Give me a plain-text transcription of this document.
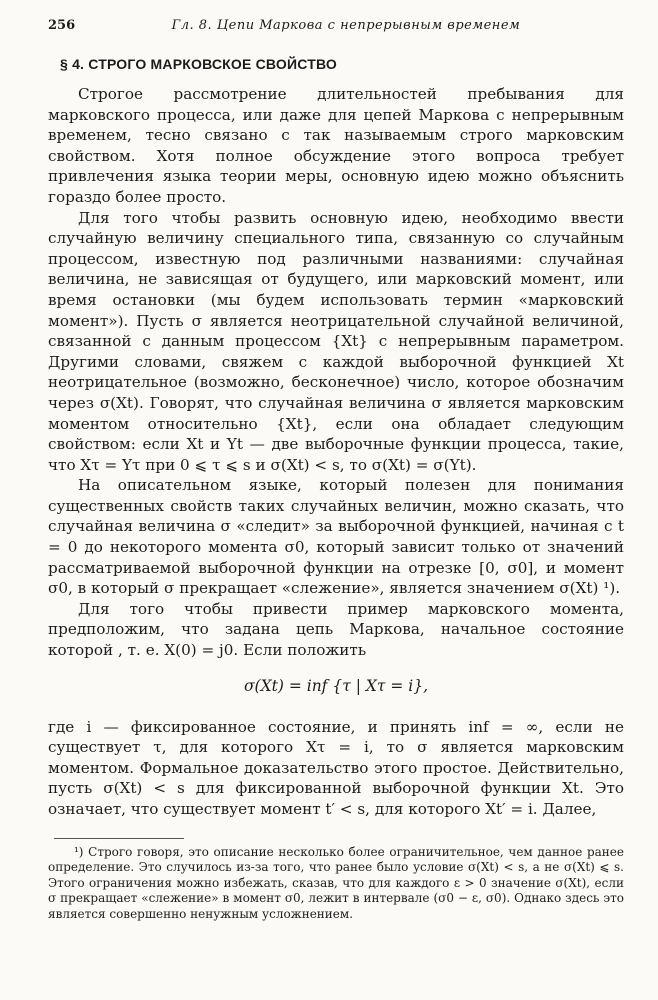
256	Гл. 8. Цепи Маркова с непрерывным временем
§ 4. СТРОГО МАРКОВСКОЕ СВОЙСТВО

Строгое рассмотрение длительностей пребывания для марковского процесса, или даже для цепей Маркова с непрерывным временем, тесно связано с так называемым строго марковским свойством. Хотя полное обсуждение этого вопроса требует привлечения языка теории меры, основную идею можно объяснить гораздо более просто.

Для того чтобы развить основную идею, необходимо ввести случайную величину специального типа, связанную со случайным процессом, известную под различными названиями: случайная величина, не зависящая от будущего, или марковский момент, или время остановки (мы будем использовать термин «марковский момент»). Пусть σ является неотрицательной случайной величиной, связанной с данным процессом {Xt} с непрерывным параметром. Другими словами, свяжем с каждой выборочной функцией Xt неотрицательное (возможно, бесконечное) число, которое обозначим через σ(Xt). Говорят, что случайная величина σ является марковским моментом относительно {Xt}, если она обладает следующим свойством: если Xt и Yt — две выборочные функции процесса, такие, что Xτ = Yτ при 0 ⩽ τ ⩽ s и σ(Xt) < s, то σ(Xt) = σ(Yt).

На описательном языке, который полезен для понимания существенных свойств таких случайных величин, можно сказать, что случайная величина σ «следит» за выборочной функцией, начиная с t = 0 до некоторого момента σ0, который зависит только от значений рассматриваемой выборочной функции на отрезке [0, σ0], и момент σ0, в который σ прекращает «слежение», является значением σ(Xt) ¹).

Для того чтобы привести пример марковского момента, предположим, что задана цепь Маркова, начальное состояние которой , т. е. X(0) = j0. Если положить

σ(Xt) = inf {τ | Xτ = i},

где i — фиксированное состояние, и принять inf = ∞, если не существует τ, для которого Xτ = i, то σ является марковским моментом. Формальное доказательство этого простое. Действительно, пусть σ(Xt) < s для фиксированной выборочной функции Xt. Это означает, что существует момент t′ < s, для которого Xt′ = i. Далее,

¹) Строго говоря, это описание несколько более ограничительное, чем данное ранее определение. Это случилось из-за того, что ранее было условие σ(Xt) < s, а не σ(Xt) ⩽ s. Этого ограничения можно избежать, сказав, что для каждого ε > 0 значение σ(Xt), если σ прекращает «слежение» в момент σ0, лежит в интервале (σ0 − ε, σ0). Однако здесь это является совершенно ненужным усложнением.
